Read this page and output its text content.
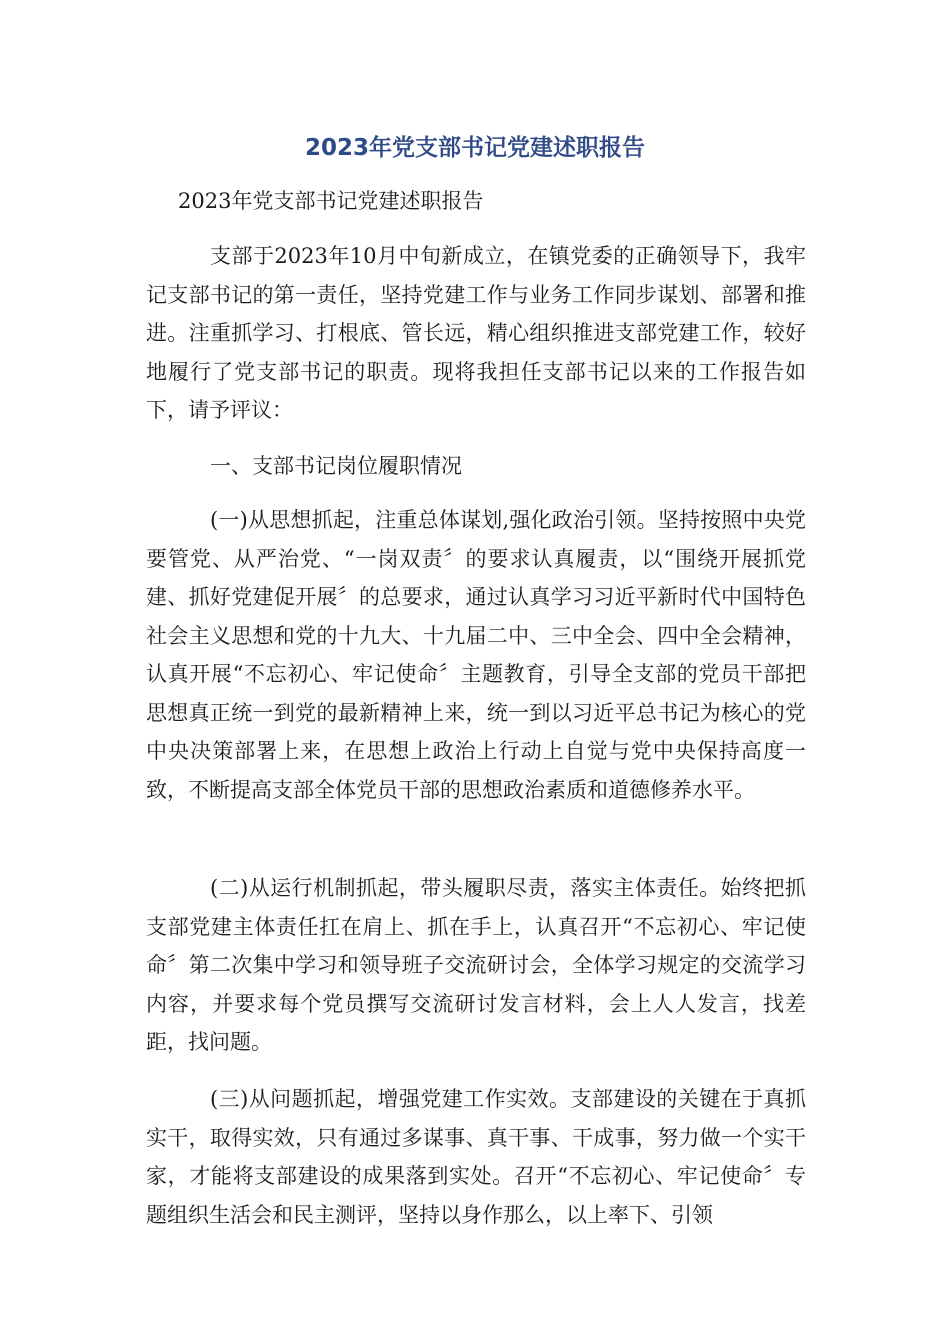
2023年党支部书记党建述职报告

2023年党支部书记党建述职报告

支部于2023年10月中旬新成立，在镇党委的正确领导下，我牢记支部书记的第一责任，坚持党建工作与业务工作同步谋划、部署和推进。注重抓学习、打根底、管长远，精心组织推进支部党建工作，较好地履行了党支部书记的职责。现将我担任支部书记以来的工作报告如下，请予评议：

一、支部书记岗位履职情况

(一)从思想抓起，注重总体谋划,强化政治引领。坚持按照中央党要管党、从严治党、“一岗双责〞的要求认真履责，以“围绕开展抓党建、抓好党建促开展〞的总要求，通过认真学习习近平新时代中国特色社会主义思想和党的十九大、十九届二中、三中全会、四中全会精神，认真开展“不忘初心、牢记使命〞主题教育，引导全支部的党员干部把思想真正统一到党的最新精神上来，统一到以习近平总书记为核心的党中央决策部署上来，在思想上政治上行动上自觉与党中央保持高度一致，不断提高支部全体党员干部的思想政治素质和道德修养水平。

(二)从运行机制抓起，带头履职尽责，落实主体责任。始终把抓支部党建主体责任扛在肩上、抓在手上，认真召开“不忘初心、牢记使命〞第二次集中学习和领导班子交流研讨会，全体学习规定的交流学习内容，并要求每个党员撰写交流研讨发言材料，会上人人发言，找差距，找问题。

(三)从问题抓起，增强党建工作实效。支部建设的关键在于真抓实干，取得实效，只有通过多谋事、真干事、干成事，努力做一个实干家，才能将支部建设的成果落到实处。召开“不忘初心、牢记使命〞专题组织生活会和民主测评，坚持以身作那么，以上率下、引领
